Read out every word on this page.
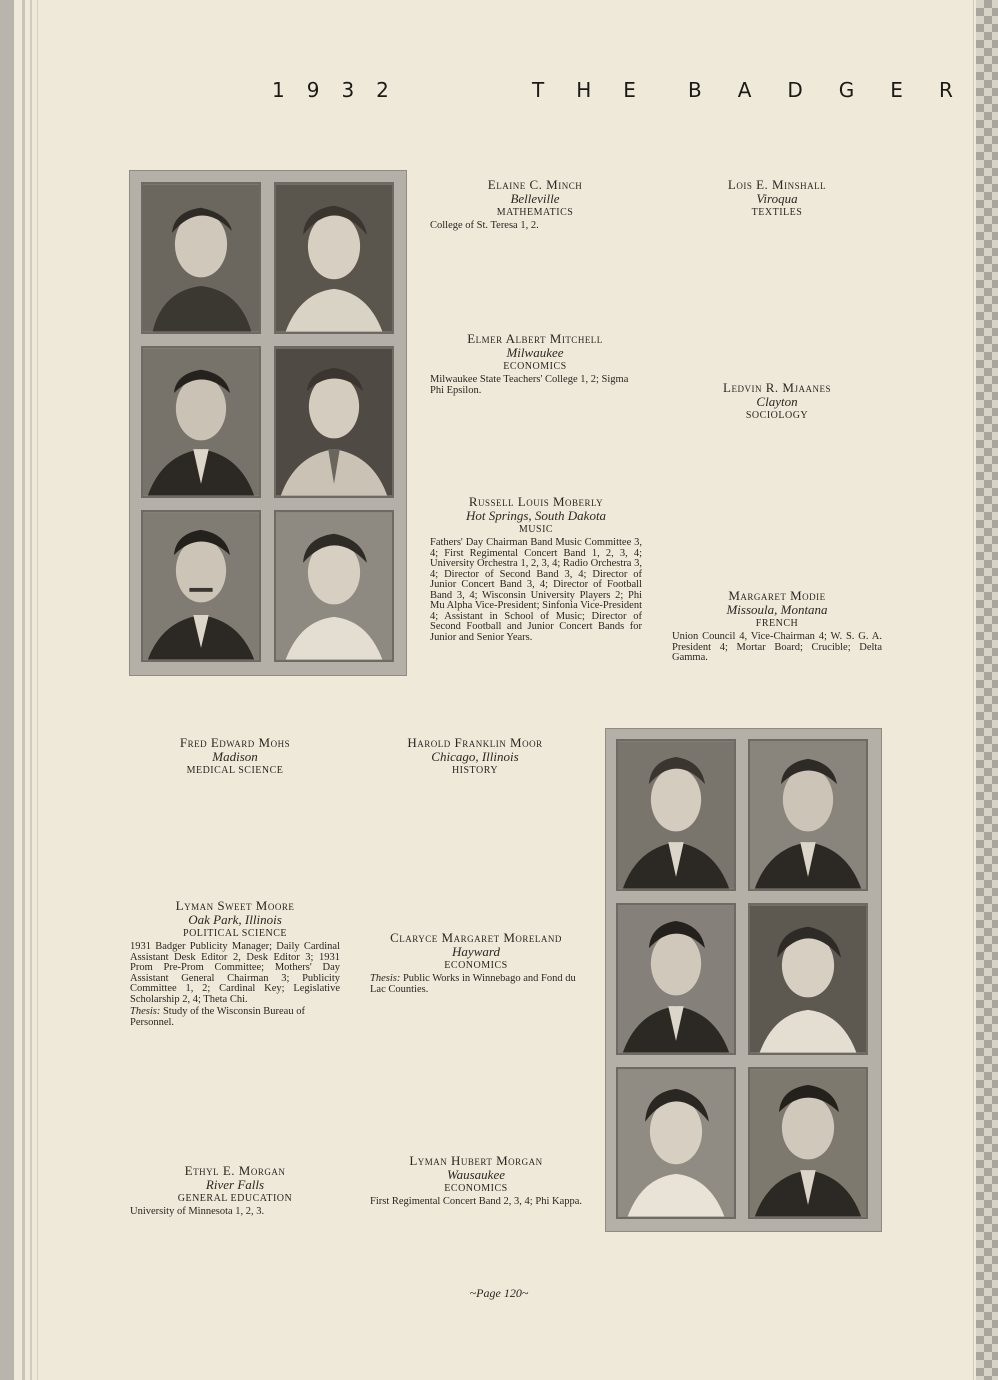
1932	THE BADGER
Elaine C. Minch
Belleville
MATHEMATICS
College of St. Teresa 1, 2.
Lois E. Minshall
Viroqua
TEXTILES
Elmer Albert Mitchell
Milwaukee
ECONOMICS
Milwaukee State Teachers' College 1, 2; Sigma Phi Epsilon.	Ledvin R. Mjaanes
Clayton
SOCIOLOGY
Russell Louis Moberly
Hot Springs, South Dakota
MUSIC
Fathers' Day Chairman Band Music Committee 3, 4; First Regimental Concert Band 1, 2, 3, 4; University Orchestra 1, 2, 3, 4; Radio Orchestra 3, 4; Director of Second Band 3, 4; Director of Junior Concert Band 3, 4; Director of Football Band 3, 4; Wisconsin University Players 2; Phi Mu Alpha Vice-President; Sinfonia Vice-President 4; Assistant in School of Music; Director of Second Football and Junior Concert Bands for Junior and Senior Years.
Margaret Modie
Missoula, Montana
FRENCH
Union Council 4, Vice-Chairman 4; W. S. G. A. President 4; Mortar Board; Crucible; Delta Gamma.
Fred Edward Mohs
Madison
MEDICAL SCIENCE
Harold Franklin Moor
Chicago, Illinois
HISTORY
Lyman Sweet Moore
Oak Park, Illinois
POLITICAL SCIENCE
1931 Badger Publicity Manager; Daily Cardinal Assistant Desk Editor 2, Desk Editor 3; 1931 Prom Pre-Prom Committee; Mothers' Day Assistant General Chairman 3; Publicity Committee 1, 2; Cardinal Key; Legislative Scholarship 2, 4; Theta Chi.
Thesis: Study of the Wisconsin Bureau of Personnel.
Claryce Margaret Moreland
Hayward
ECONOMICS
Thesis: Public Works in Winnebago and Fond du Lac Counties.
Ethyl E. Morgan
River Falls
GENERAL EDUCATION
University of Minnesota 1, 2, 3.
Lyman Hubert Morgan
Wausaukee
ECONOMICS
First Regimental Concert Band 2, 3, 4; Phi Kappa.
~Page 120~
